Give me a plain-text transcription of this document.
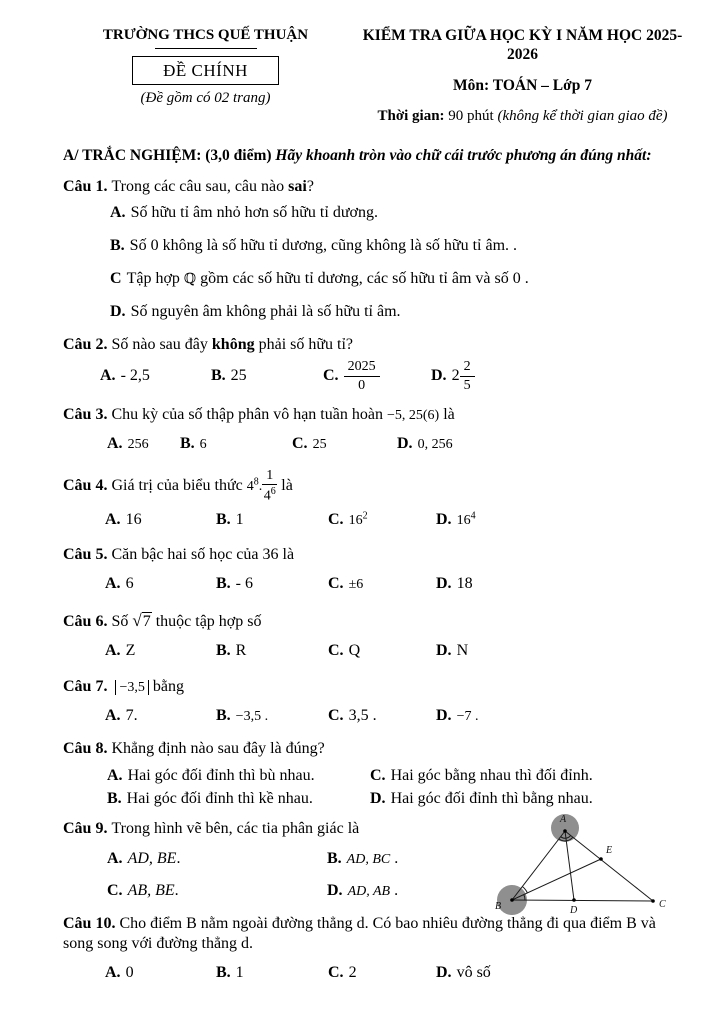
TRƯỜNG THCS QUẾ THUẬN
ĐỀ CHÍNH
(Đề gồm có 02 trang)
KIỂM TRA GIỮA HỌC KỲ I NĂM HỌC 2025-2026
Môn: TOÁN – Lớp 7
Thời gian: 90 phút (không kể thời gian giao đề)
A/ TRẮC NGHIỆM: (3,0 điểm) Hãy khoanh tròn vào chữ cái trước phương án đúng nhất:
Câu 1. Trong các câu sau, câu nào sai?
A. Số hữu tỉ âm nhỏ hơn số hữu tỉ dương.
B. Số 0 không là số hữu tỉ dương, cũng không là số hữu tỉ âm. .
C Tập hợp ℚ gồm các số hữu tỉ dương, các số hữu tỉ âm và số 0 .
D. Số nguyên âm không phải là số hữu tỉ âm.
Câu 2. Số nào sau đây không phải số hữu tỉ?
A. - 2,5	B. 25	C. $\frac{2025}{0}$	D. $2 \frac{2}{5}$
Câu 3. Chu kỳ của số thập phân vô hạn tuần hoàn −5, 25(6) là
A. 256	B. 6	C. 25	D. 0, 256
Câu 4. Giá trị của biểu thức $4^8$. $\frac{1}{4^6}$ là
A. 16	B. 1	C. $16^2$	D. $16^4$
Câu 5. Căn bậc hai số học của 36 là
A. 6	B. - 6	C. ±6	D. 18
Câu 6. Số √7 thuộc tập hợp số
A. Z	B. R	C. Q	D. N
Câu 7. −3,5 bằng
A. 7.	B. −3,5 .	C. 3,5 .	D. −7 .
Câu 8. Khẳng định nào sau đây là đúng?
A. Hai góc đối đỉnh thì bù nhau.	C. Hai góc bằng nhau thì đối đỉnh.
B. Hai góc đối đỉnh thì kề nhau.	D. Hai góc đối đỉnh thì bằng nhau.
Câu 9. Trong hình vẽ bên, các tia phân giác là
A. AD, BE.	B. AD, BC .
C. AB, BE.	D. AD, AB .
Câu 10. Cho điểm B nằm ngoài đường thẳng d. Có bao nhiêu đường thẳng đi qua điểm B và song song với đường thẳng d.
A. 0	B. 1	C. 2	D. vô số
A
B	C
D
E
